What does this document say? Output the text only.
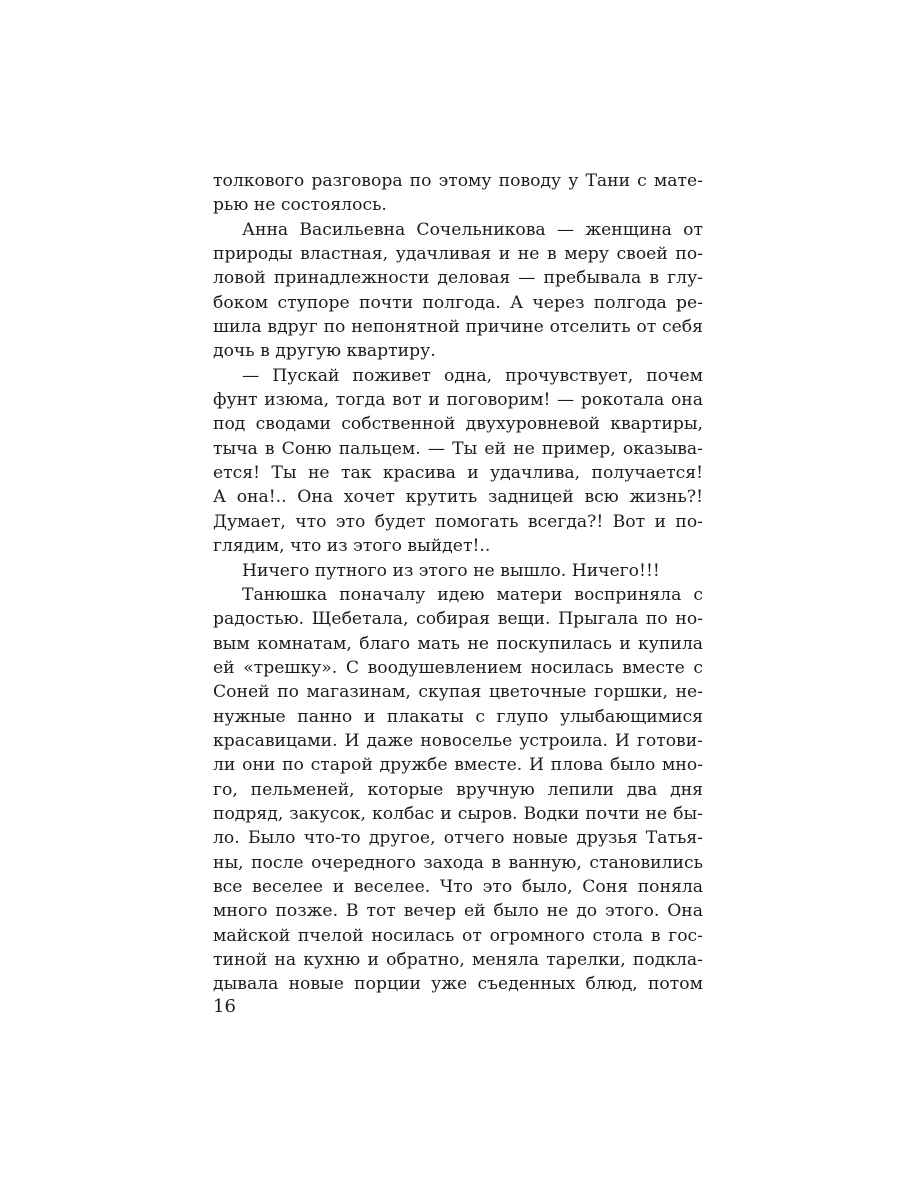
толкового разговора по этому поводу у Тани с мате-
рью не состоялось.
Анна Васильевна Сочельникова — женщина от
природы властная, удачливая и не в меру своей по-
ловой принадлежности деловая — пребывала в глу-
боком ступоре почти полгода. А через полгода ре-
шила вдруг по непонятной причине отселить от себя
дочь в другую квартиру.
— Пускай поживет одна, прочувствует, почем
фунт изюма, тогда вот и поговорим! — рокотала она
под сводами собственной двухуровневой квартиры,
тыча в Соню пальцем. — Ты ей не пример, оказыва-
ется! Ты не так красива и удачлива, получается!
А она!.. Она хочет крутить задницей всю жизнь?!
Думает, что это будет помогать всегда?! Вот и по-
глядим, что из этого выйдет!..
Ничего путного из этого не вышло. Ничего!!!
Танюшка поначалу идею матери восприняла с
радостью. Щебетала, собирая вещи. Прыгала по но-
вым комнатам, благо мать не поскупилась и купила
ей «трешку». С воодушевлением носилась вместе с
Соней по магазинам, скупая цветочные горшки, не-
нужные панно и плакаты с глупо улыбающимися
красавицами. И даже новоселье устроила. И готови-
ли они по старой дружбе вместе. И плова было мно-
го, пельменей, которые вручную лепили два дня
подряд, закусок, колбас и сыров. Водки почти не бы-
ло. Было что-то другое, отчего новые друзья Татья-
ны, после очередного захода в ванную, становились
все веселее и веселее. Что это было, Соня поняла
много позже. В тот вечер ей было не до этого. Она
майской пчелой носилась от огромного стола в гос-
тиной на кухню и обратно, меняла тарелки, подкла-
дывала новые порции уже съеденных блюд, потом
16
